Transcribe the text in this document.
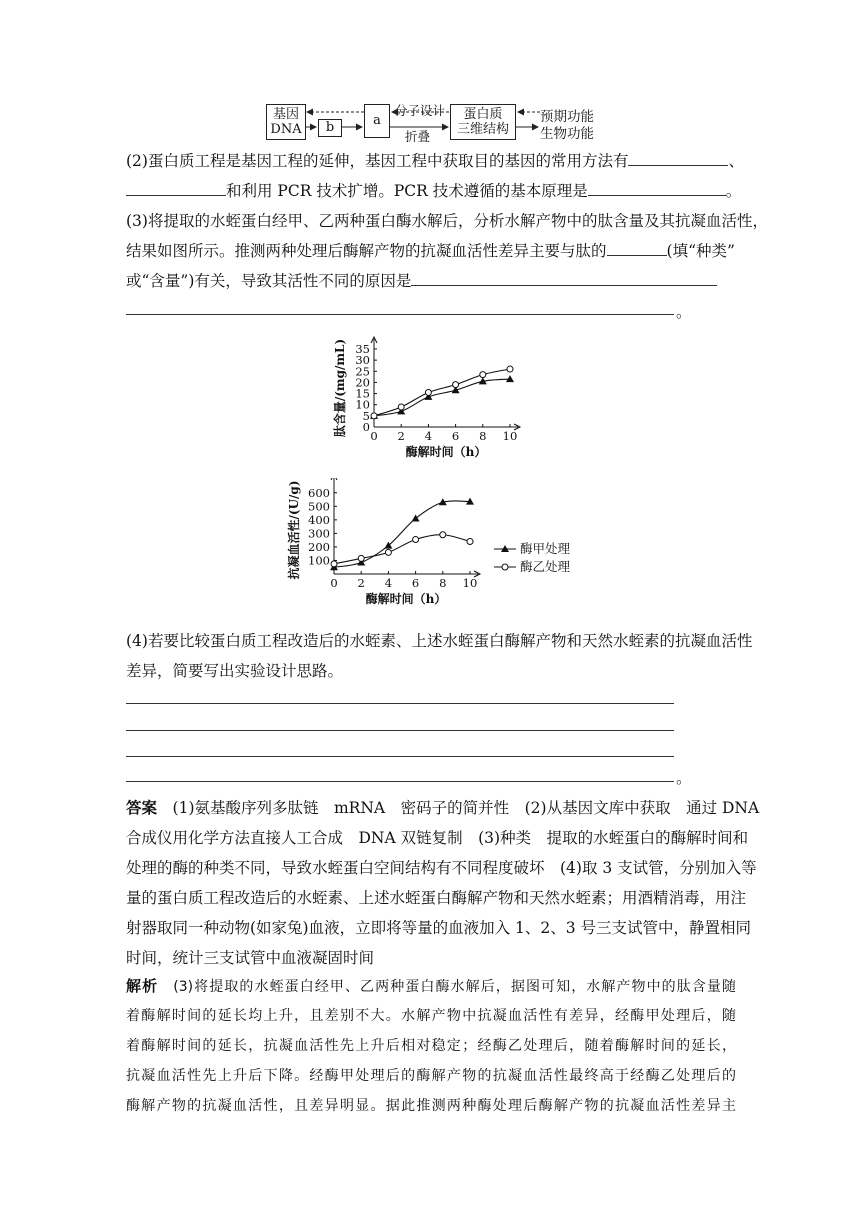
基因
DNA	b	a	蛋白质
三维结构
分子设计
折叠
预期功能
生物功能
(2)蛋白质工程是基因工程的延伸，基因工程中获取目的基因的常用方法有	、
和利用 PCR 技术扩增。PCR 技术遵循的基本原理是	。
(3)将提取的水蛭蛋白经甲、乙两种蛋白酶水解后，分析水解产物中的肽含量及其抗凝血活性，
结果如图所示。推测两种处理后酶解产物的抗凝血活性差异主要与肽的	(填“种类”
或“含量”)有关，导致其活性不同的原因是
。
0
5
10
15
20
25
30
35
0 2 4 6 8 10
酶解时间（h）
肽含量/(mg/mL)
100
200
300
400
500
600
0 2 4 6 8 10
酶解时间（h）
抗凝血活性/(U/g)	酶甲处理
酶乙处理
(4)若要比较蛋白质工程改造后的水蛭素、上述水蛭蛋白酶解产物和天然水蛭素的抗凝血活性
差异，简要写出实验设计思路。
。
答案　 (1)氨基酸序列多肽链　mRNA　密码子的简并性　(2)从基因文库中获取　通过 DNA
合成仪用化学方法直接人工合成　DNA 双链复制　(3)种类　提取的水蛭蛋白的酶解时间和
处理的酶的种类不同，导致水蛭蛋白空间结构有不同程度破坏　(4)取 3 支试管，分别加入等
量的蛋白质工程改造后的水蛭素、上述水蛭蛋白酶解产物和天然水蛭素；用酒精消毒，用注
射器取同一种动物(如家兔)血液，立即将等量的血液加入 1、2、3 号三支试管中，静置相同
时间，统计三支试管中血液凝固时间
解析　 (3)将提取的水蛭蛋白经甲、乙两种蛋白酶水解后，据图可知，水解产物中的肽含量随
着酶解时间的延长均上升，且差别不大。水解产物中抗凝血活性有差异，经酶甲处理后，随
着酶解时间的延长，抗凝血活性先上升后相对稳定；经酶乙处理后，随着酶解时间的延长，
抗凝血活性先上升后下降。经酶甲处理后的酶解产物的抗凝血活性最终高于经酶乙处理后的
酶解产物的抗凝血活性，且差异明显。据此推测两种酶处理后酶解产物的抗凝血活性差异主
